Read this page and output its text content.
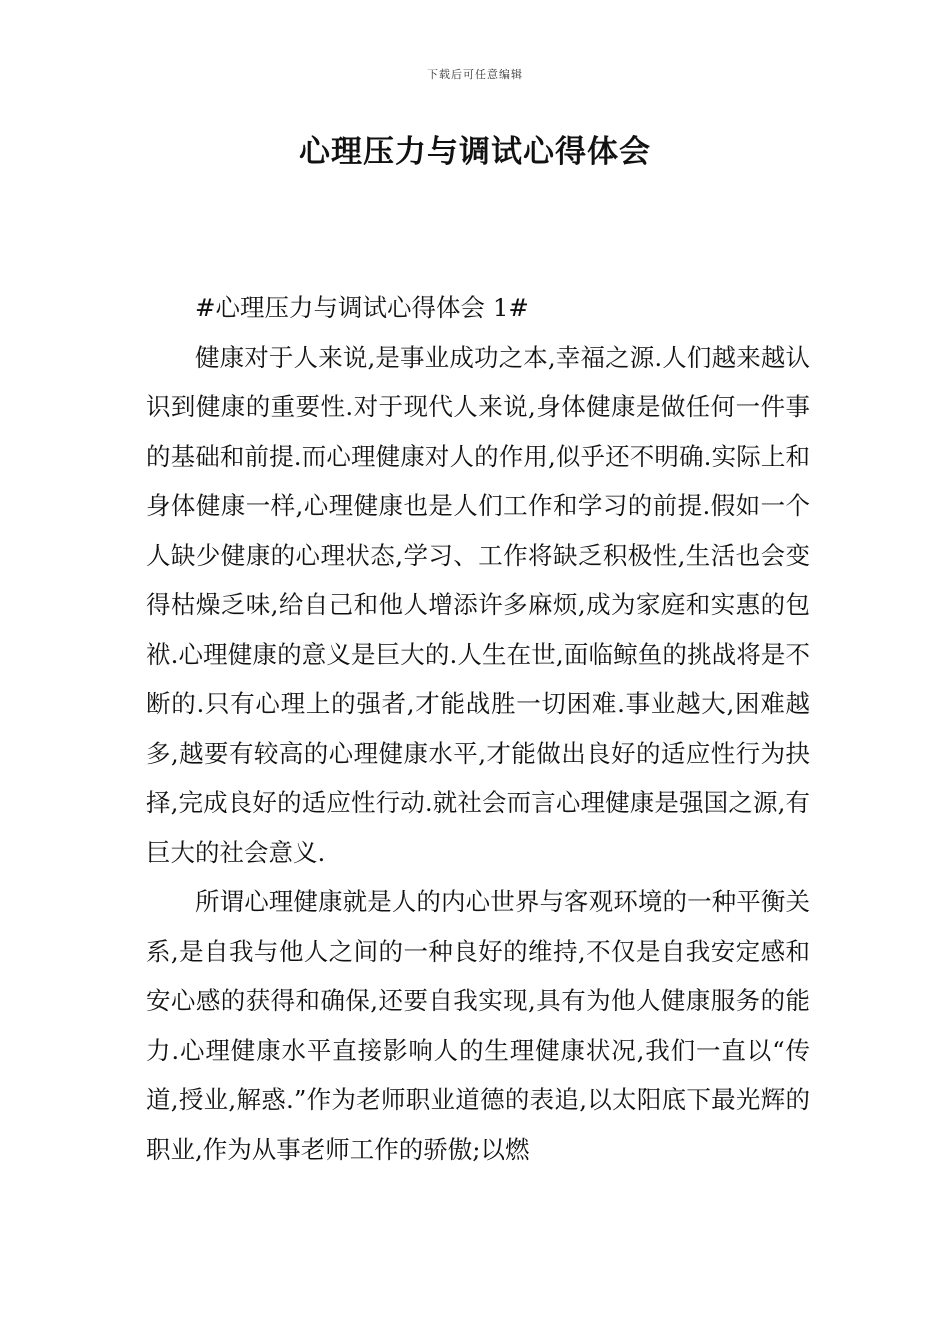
下载后可任意编辑
心理压力与调试心得体会

#心理压力与调试心得体会 1#

健康对于人来说,是事业成功之本,幸福之源.人们越来越认识到健康的重要性.对于现代人来说,身体健康是做任何一件事的基础和前提.而心理健康对人的作用,似乎还不明确.实际上和身体健康一样,心理健康也是人们工作和学习的前提.假如一个人缺少健康的心理状态,学习、工作将缺乏积极性,生活也会变得枯燥乏味,给自己和他人增添许多麻烦,成为家庭和实惠的包袱.心理健康的意义是巨大的.人生在世,面临鲸鱼的挑战将是不断的.只有心理上的强者,才能战胜一切困难.事业越大,困难越多,越要有较高的心理健康水平,才能做出良好的适应性行为抉择,完成良好的适应性行动.就社会而言心理健康是强国之源,有巨大的社会意义.

所谓心理健康就是人的内心世界与客观环境的一种平衡关系,是自我与他人之间的一种良好的维持,不仅是自我安定感和安心感的获得和确保,还要自我实现,具有为他人健康服务的能力.心理健康水平直接影响人的生理健康状况,我们一直以“传道,授业,解惑.”作为老师职业道德的表追,以太阳底下最光辉的职业,作为从事老师工作的骄傲;以燃
